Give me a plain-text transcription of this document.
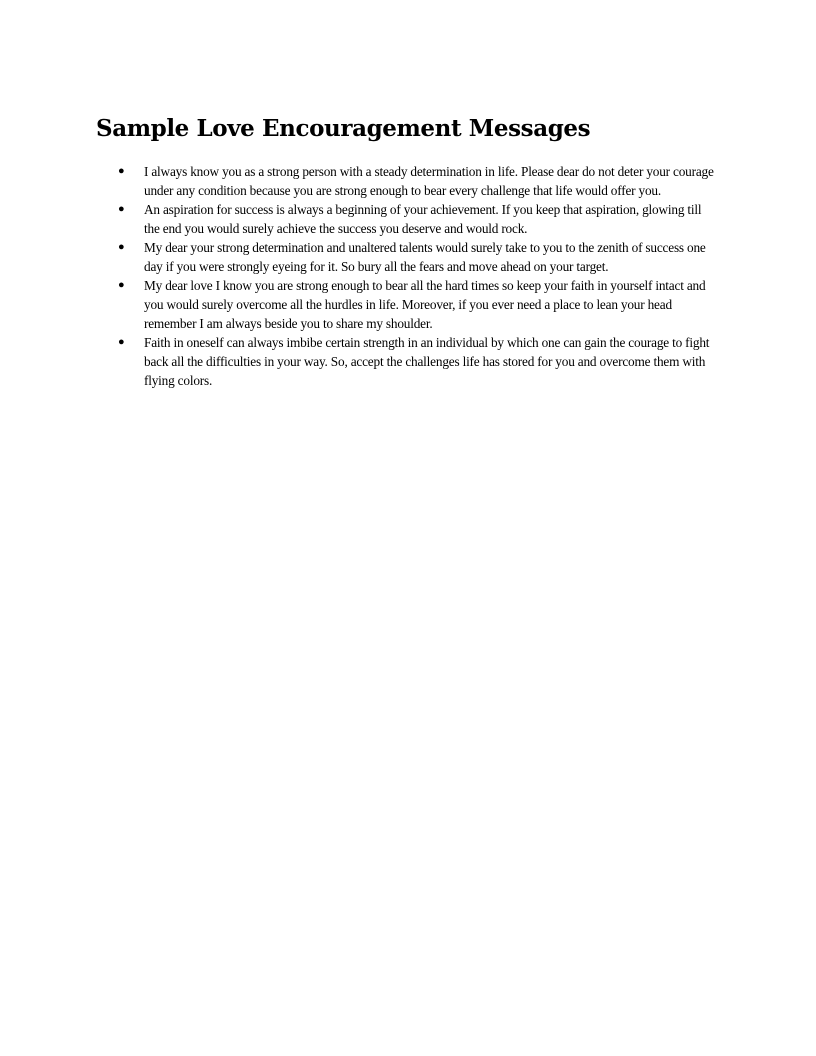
Sample Love Encouragement Messages
●	I always know you as a strong person with a steady determination in life. Please dear do not deter your courage under any condition because you are strong enough to bear every challenge that life would offer you.
●	An aspiration for success is always a beginning of your achievement. If you keep that aspiration, glowing till the end you would surely achieve the success you deserve and would rock.
●	My dear your strong determination and unaltered talents would surely take to you to the zenith of success one day if you were strongly eyeing for it. So bury all the fears and move ahead on your target.
●	My dear love I know you are strong enough to bear all the hard times so keep your faith in yourself intact and you would surely overcome all the hurdles in life. Moreover, if you ever need a place to lean your head remember I am always beside you to share my shoulder.
●	Faith in oneself can always imbibe certain strength in an individual by which one can gain the courage to fight back all the difficulties in your way. So, accept the challenges life has stored for you and overcome them with flying colors.
